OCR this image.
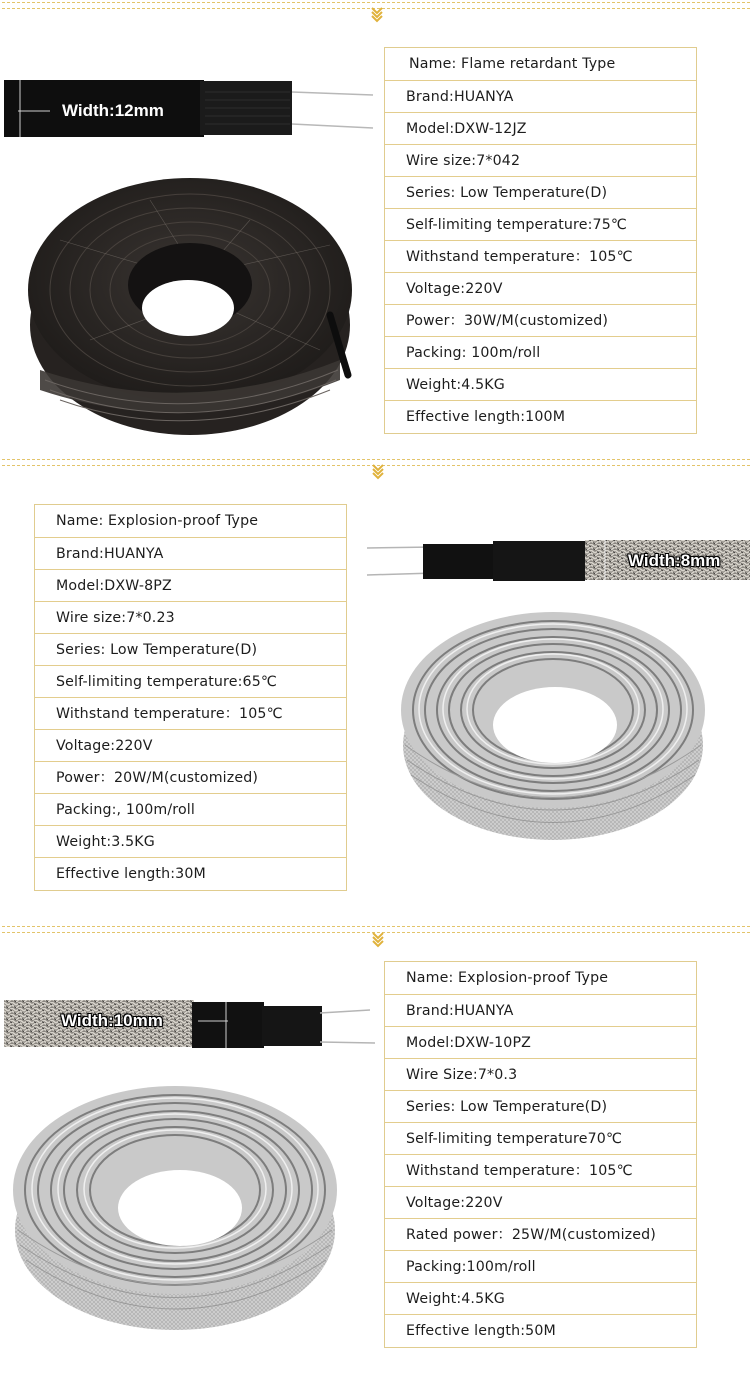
Width:12mm
Name: Flame retardant Type
Brand:HUANYA
Model:DXW-12JZ
Wire size:7*042
Series: Low Temperature(D)
Self-limiting temperature:75℃
Withstand temperature：105℃
Voltage:220V
Power：30W/M(customized)
Packing: 100m/roll
Weight:4.5KG
Effective length:100M
Name: Explosion-proof Type
Brand:HUANYA
Model:DXW-8PZ
Wire size:7*0.23
Series: Low Temperature(D)
Self-limiting temperature:65℃
Withstand temperature：105℃
Voltage:220V
Power：20W/M(customized)
Packing:, 100m/roll
Weight:3.5KG
Effective length:30M
Width:8mm
Width:10mm
Name: Explosion-proof Type
Brand:HUANYA
Model:DXW-10PZ
Wire Size:7*0.3
Series: Low Temperature(D)
Self-limiting temperature70℃
Withstand temperature：105℃
Voltage:220V
Rated power：25W/M(customized)
Packing:100m/roll
Weight:4.5KG
Effective length:50M
